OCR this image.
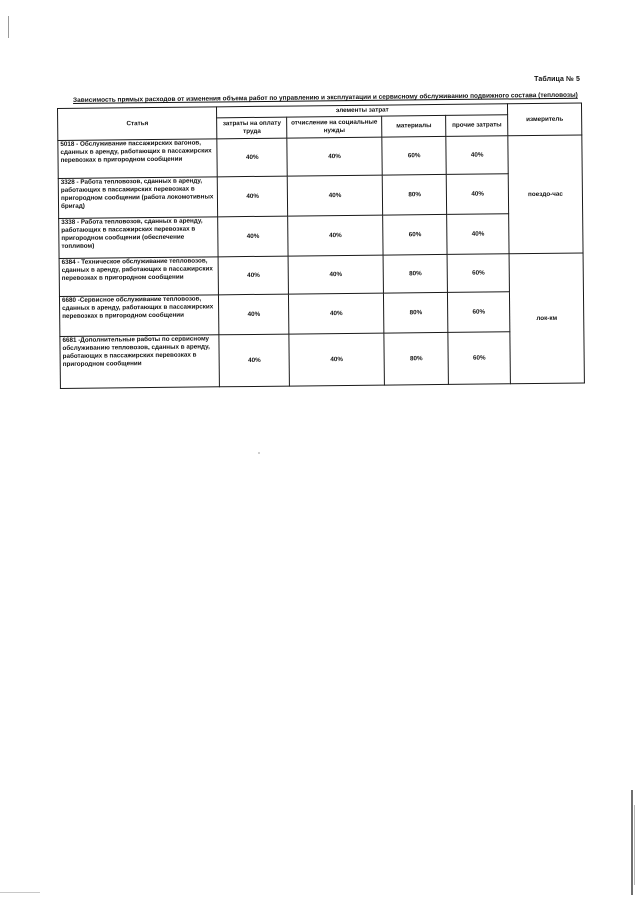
Таблица № 5
Зависимость прямых расходов от изменения объема работ по управлению и эксплуатации и сервисному обслуживанию подвижного состава (тепловозы)
Статья	элементы затрат				измеритель
	затраты на оплату труда	отчисление на социальные нужды	материалы	прочие затраты	
5018 - Обслуживание пассажирских вагонов, сданных в аренду, работающих в пассажирских перевозках в пригородном сообщении	40%	40%	60%	40%	поездо-час
3328 - Работа тепловозов, сданных в аренду, работающих в пассажирских перевозках в пригородном сообщении (работа локомотивных бригад)	40%	40%	80%	40%	
3338 - Работа тепловозов, сданных в аренду, работающих в пассажирских перевозках в пригородном сообщении (обеспечение топливом)	40%	40%	60%	40%	
6384 - Техническое обслуживание тепловозов, сданных в аренду, работающих в пассажирских перевозках в пригородном сообщении	40%	40%	80%	60%	лок-км
6680 -Сервисное обслуживание тепловозов, сданных в аренду, работающих в пассажирских перевозках в пригородном сообщении	40%	40%	80%	60%	
6681 -Дополнительные работы по сервисному обслуживанию тепловозов, сданных в аренду, работающих в пассажирских перевозках в пригородном сообщении	40%	40%	80%	60%	
